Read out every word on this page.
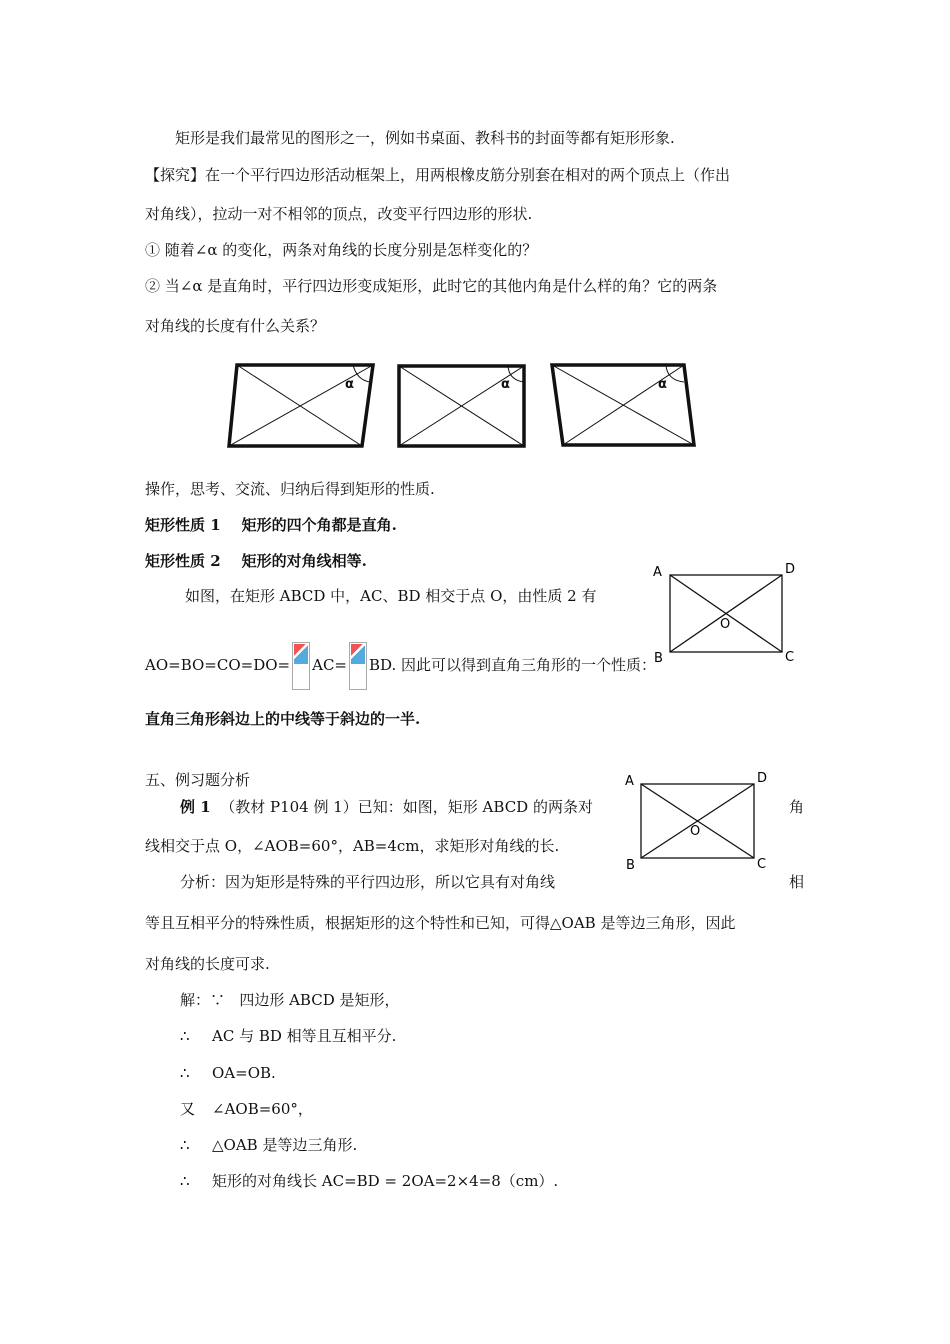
矩形是我们最常见的图形之一，例如书桌面、教科书的封面等都有矩形形象.
【探究】在一个平行四边形活动框架上，用两根橡皮筋分别套在相对的两个顶点上（作出
对角线），拉动一对不相邻的顶点，改变平行四边形的形状.
① 随着∠α 的变化，两条对角线的长度分别是怎样变化的？
② 当∠α 是直角时，平行四边形变成矩形，此时它的其他内角是什么样的角？它的两条
对角线的长度有什么关系？
α	α	α
操作，思考、交流、归纳后得到矩形的性质.
矩形性质 1 矩形的四个角都是直角.
矩形性质 2 矩形的对角线相等.
如图，在矩形 ABCD 中，AC、BD 相交于点 O，由性质 2 有
AO=BO=CO=DO= AC= BD. 因此可以得到直角三角形的一个性质：
A	D
B	C
O
直角三角形斜边上的中线等于斜边的一半.
五、例习题分析	A	D
B	C
O
例 1 （教材 P104 例 1）已知：如图，矩形 ABCD 的两条对	角
线相交于点 O，∠AOB=60°，AB=4cm，求矩形对角线的长.
分析：因为矩形是特殊的平行四边形，所以它具有对角线	相
等且互相平分的特殊性质，根据矩形的这个特性和已知，可得△OAB 是等边三角形，因此
对角线的长度可求.
解：∵ 四边形 ABCD 是矩形，
∴ AC 与 BD 相等且互相平分.
∴ OA=OB.
又 ∠AOB=60°，
∴ △OAB 是等边三角形.
∴ 矩形的对角线长 AC=BD = 2OA=2×4=8（cm）.
